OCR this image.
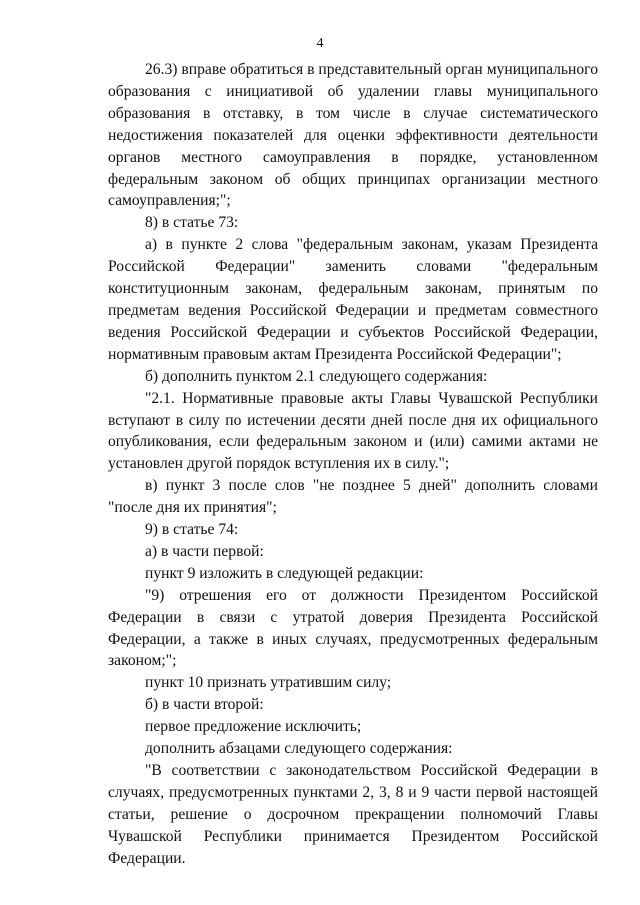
4

26.3) вправе обратиться в представительный орган муниципального образования с инициативой об удалении главы муниципального образования в отставку, в том числе в случае систематического недостижения показателей для оценки эффективности деятельности органов местного самоуправления в порядке, установленном федеральным законом об общих принципах организации местного самоуправления;";

8) в статье 73:

а) в пункте 2 слова "федеральным законам, указам Президента Российской Федерации" заменить словами "федеральным конституционным законам, федеральным законам, принятым по предметам ведения Российской Федерации и предметам совместного ведения Российской Федерации и субъектов Российской Федерации, нормативным правовым актам Президента Российской Федерации";

б) дополнить пунктом 2.1 следующего содержания:

"2.1. Нормативные правовые акты Главы Чувашской Республики вступают в силу по истечении десяти дней после дня их официального опубликования, если федеральным законом и (или) самими актами не установлен другой порядок вступления их в силу.";

в) пункт 3 после слов "не позднее 5 дней" дополнить словами "после дня их принятия";

9) в статье 74:

а) в части первой:

пункт 9 изложить в следующей редакции:

"9) отрешения его от должности Президентом Российской Федерации в связи с утратой доверия Президента Российской Федерации, а также в иных случаях, предусмотренных федеральным законом;";

пункт 10 признать утратившим силу;

б) в части второй:

первое предложение исключить;

дополнить абзацами следующего содержания:

"В соответствии с законодательством Российской Федерации в случаях, предусмотренных пунктами 2, 3, 8 и 9 части первой настоящей статьи, решение о досрочном прекращении полномочий Главы Чувашской Республики принимается Президентом Российской Федерации.
